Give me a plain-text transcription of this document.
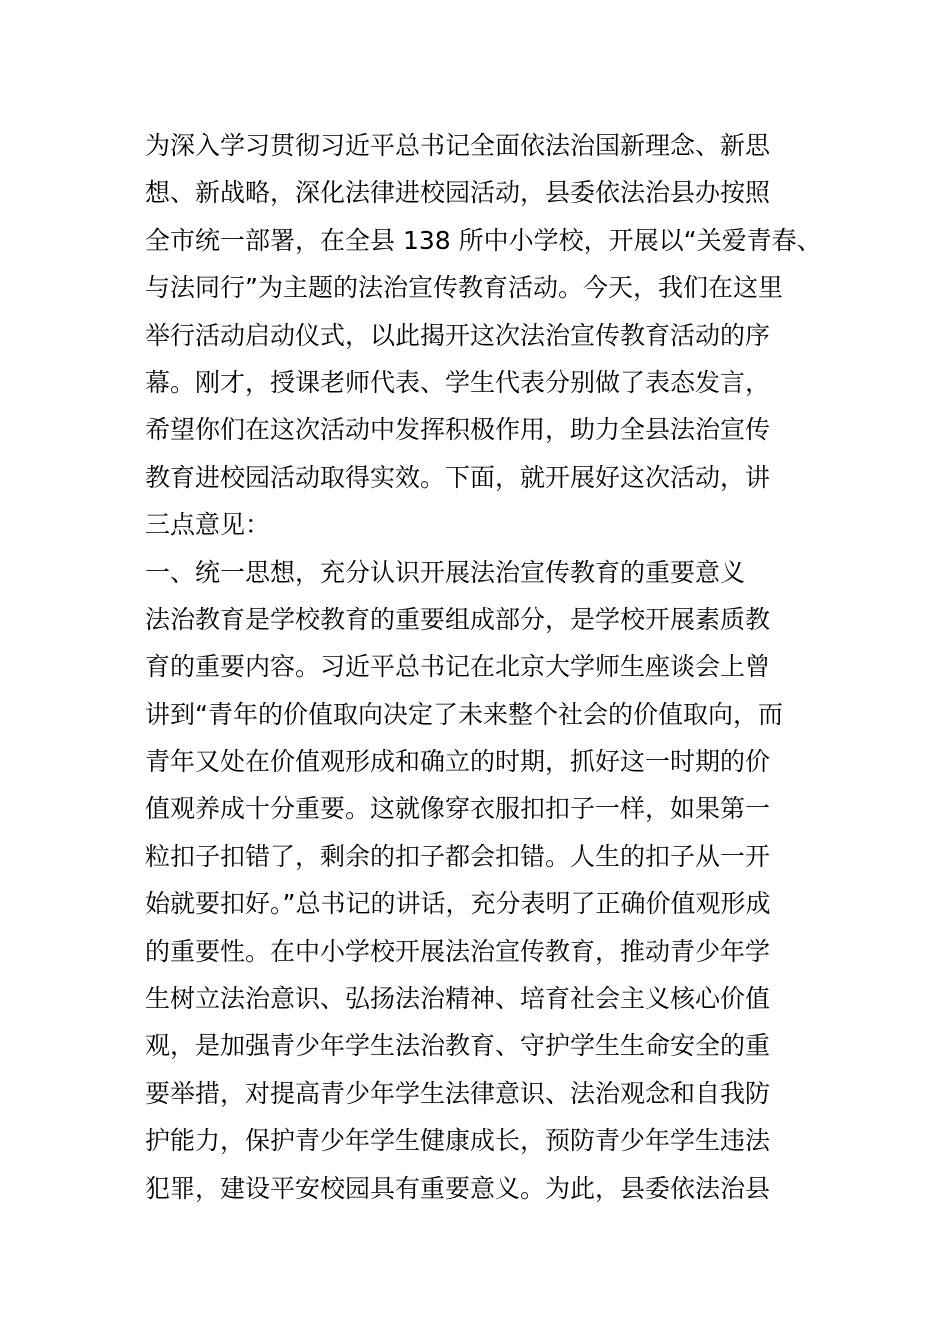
为深入学习贯彻习近平总书记全面依法治国新理念、新思
想、新战略，深化法律进校园活动，县委依法治县办按照
全市统一部署，在全县 138 所中小学校，开展以“关爱青春、
与法同行”为主题的法治宣传教育活动。今天，我们在这里
举行活动启动仪式，以此揭开这次法治宣传教育活动的序
幕。刚才，授课老师代表、学生代表分别做了表态发言，
希望你们在这次活动中发挥积极作用，助力全县法治宣传
教育进校园活动取得实效。下面，就开展好这次活动，讲
三点意见：
一、统一思想，充分认识开展法治宣传教育的重要意义
法治教育是学校教育的重要组成部分，是学校开展素质教
育的重要内容。习近平总书记在北京大学师生座谈会上曾
讲到“青年的价值取向决定了未来整个社会的价值取向，而
青年又处在价值观形成和确立的时期，抓好这一时期的价
值观养成十分重要。这就像穿衣服扣扣子一样，如果第一
粒扣子扣错了，剩余的扣子都会扣错。人生的扣子从一开
始就要扣好。”总书记的讲话，充分表明了正确价值观形成
的重要性。在中小学校开展法治宣传教育，推动青少年学
生树立法治意识、弘扬法治精神、培育社会主义核心价值
观，是加强青少年学生法治教育、守护学生生命安全的重
要举措，对提高青少年学生法律意识、法治观念和自我防
护能力，保护青少年学生健康成长，预防青少年学生违法
犯罪，建设平安校园具有重要意义。为此，县委依法治县
